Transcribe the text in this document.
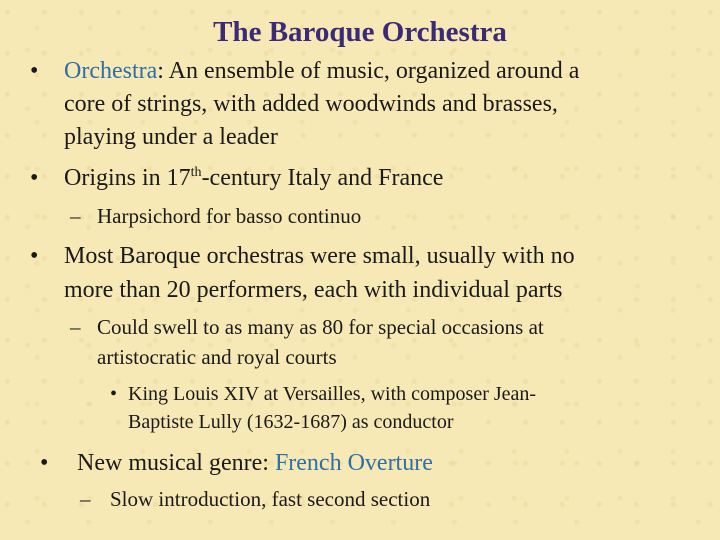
The Baroque Orchestra
• Orchestra: An ensemble of music, organized around a
core of strings, with added woodwinds and brasses,
playing under a leader
• Origins in 17th-century Italy and France
– Harpsichord for basso continuo
• Most Baroque orchestras were small, usually with no
more than 20 performers, each with individual parts
– Could swell to as many as 80 for special occasions at
artistocratic and royal courts
• King Louis XIV at Versailles, with composer Jean-
Baptiste Lully (1632-1687) as conductor
• New musical genre: French Overture
– Slow introduction, fast second section
